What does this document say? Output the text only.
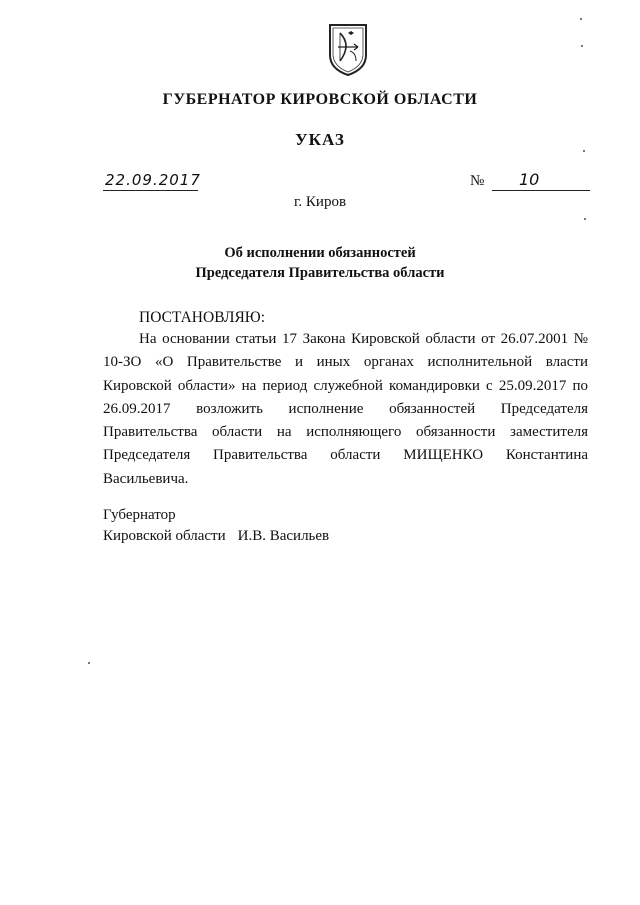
ГУБЕРНАТОР КИРОВСКОЙ ОБЛАСТИ
УКАЗ
22.09.2017	№ 10
г. Киров
Об исполнении обязанностей
Председателя Правительства области
ПОСТАНОВЛЯЮ:
На основании статьи 17 Закона Кировской области от 26.07.2001 № 10-ЗО «О Правительстве и иных органах исполнительной власти Кировской области» на период служебной командировки с 25.09.2017 по 26.09.2017 возложить исполнение обязанностей Председателя Правительства области на исполняющего обязанности заместителя Председателя Правительства области МИЩЕНКО Константина Васильевича.
Губернатор
Кировской области И.В. Васильев
